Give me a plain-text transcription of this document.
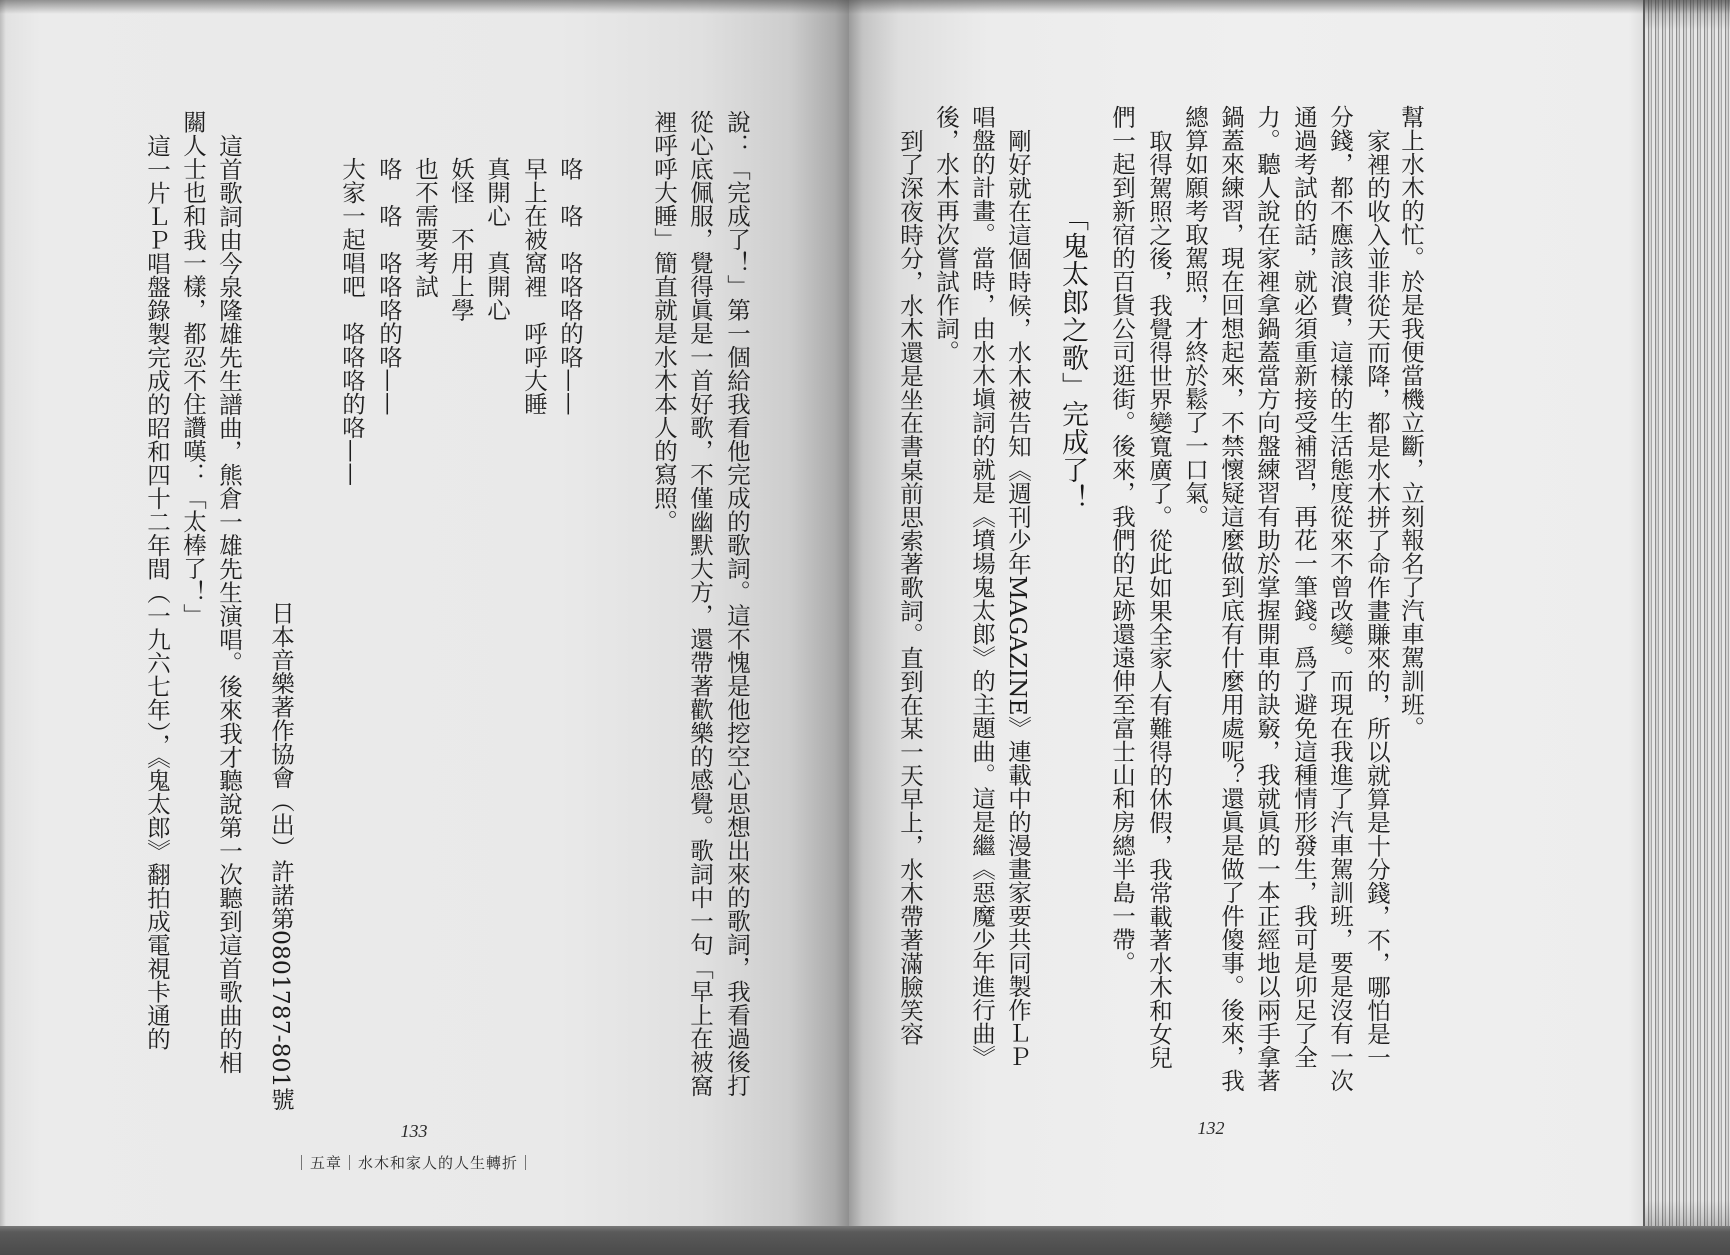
幫上水木的忙。於是我便當機立斷，立刻報名了汽車駕訓班。
家裡的收入並非從天而降，都是水木拼了命作畫賺來的，所以就算是十分錢，不，哪怕是一
分錢，都不應該浪費，這樣的生活態度從來不曾改變。而現在我進了汽車駕訓班，要是沒有一次
通過考試的話，就必須重新接受補習，再花一筆錢。爲了避免這種情形發生，我可是卯足了全
力。聽人說在家裡拿鍋蓋當方向盤練習有助於掌握開車的訣竅，我就眞的一本正經地以兩手拿著
鍋蓋來練習，現在回想起來，不禁懷疑這麼做到底有什麼用處呢？還眞是做了件傻事。後來，我
總算如願考取駕照，才終於鬆了一口氣。
取得駕照之後，我覺得世界變寬廣了。從此如果全家人有難得的休假，我常載著水木和女兒
們一起到新宿的百貨公司逛街。後來，我們的足跡還遠伸至富士山和房總半島一帶。
「鬼太郎之歌」完成了！
剛好就在這個時候，水木被告知《週刊少年MAGAZINE》連載中的漫畫家要共同製作ＬＰ
唱盤的計畫。當時，由水木塡詞的就是《墳場鬼太郎》的主題曲。這是繼《惡魔少年進行曲》
後，水木再次嘗試作詞。
到了深夜時分，水木還是坐在書桌前思索著歌詞。直到在某一天早上，水木帶著滿臉笑容
132
說：「完成了！」第一個給我看他完成的歌詞。這不愧是他挖空心思想出來的歌詞，我看過後打
從心底佩服，覺得眞是一首好歌，不僅幽默大方，還帶著歡樂的感覺。歌詞中一句「早上在被窩
裡呼呼大睡」簡直就是水木本人的寫照。
咯　咯　咯咯咯的咯——
早上在被窩裡　呼呼大睡
真開心　真開心
妖怪　不用上學
也不需要考試
咯　咯　咯咯咯的咯——
大家一起唱吧　咯咯咯的咯——
日本音樂著作協會（出）許諾第0801787-801號
這首歌詞由今泉隆雄先生譜曲，熊倉一雄先生演唱。後來我才聽說第一次聽到這首歌曲的相
關人士也和我一樣，都忍不住讚嘆：「太棒了！」
這一片ＬＰ唱盤錄製完成的昭和四十二年間（一九六七年），《鬼太郎》翻拍成電視卡通的
133
｜五章｜水木和家人的人生轉折｜
